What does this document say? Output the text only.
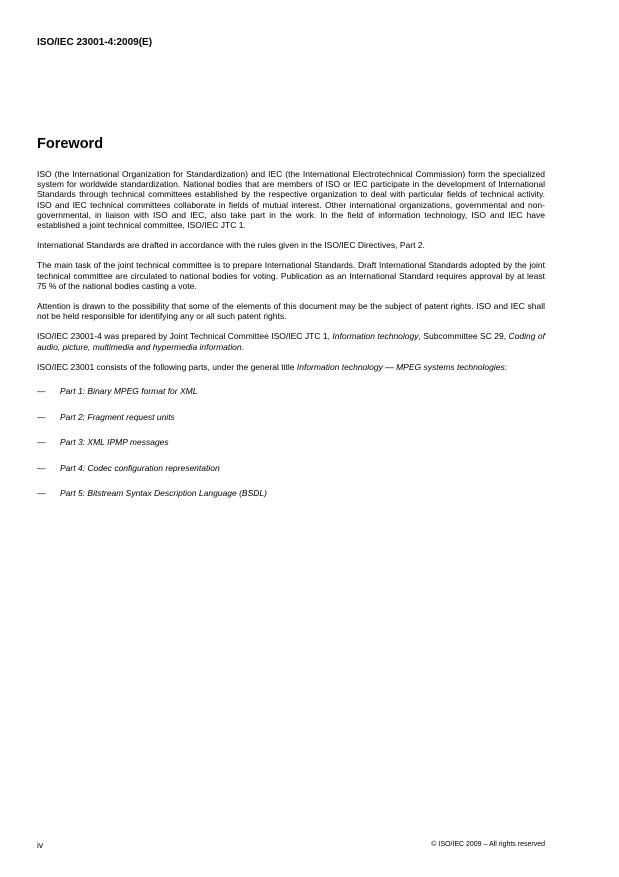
ISO/IEC 23001-4:2009(E)
Foreword

ISO (the International Organization for Standardization) and IEC (the International Electrotechnical Commission) form the specialized system for worldwide standardization. National bodies that are members of ISO or IEC participate in the development of International Standards through technical committees established by the respective organization to deal with particular fields of technical activity. ISO and IEC technical committees collaborate in fields of mutual interest. Other international organizations, governmental and non-governmental, in liaison with ISO and IEC, also take part in the work. In the field of information technology, ISO and IEC have established a joint technical committee, ISO/IEC JTC 1.

International Standards are drafted in accordance with the rules given in the ISO/IEC Directives, Part 2.

The main task of the joint technical committee is to prepare International Standards. Draft International Standards adopted by the joint technical committee are circulated to national bodies for voting. Publication as an International Standard requires approval by at least 75 % of the national bodies casting a vote.

Attention is drawn to the possibility that some of the elements of this document may be the subject of patent rights. ISO and IEC shall not be held responsible for identifying any or all such patent rights.

ISO/IEC 23001-4 was prepared by Joint Technical Committee ISO/IEC JTC 1, Information technology, Subcommittee SC 29, Coding of audio, picture, multimedia and hypermedia information.

ISO/IEC 23001 consists of the following parts, under the general title Information technology — MPEG systems technologies:

—	Part 1: Binary MPEG format for XML
—	Part 2: Fragment request units
—	Part 3: XML IPMP messages
—	Part 4: Codec configuration representation
—	Part 5: Bitstream Syntax Description Language (BSDL)
iv	© ISO/IEC 2009 – All rights reserved
